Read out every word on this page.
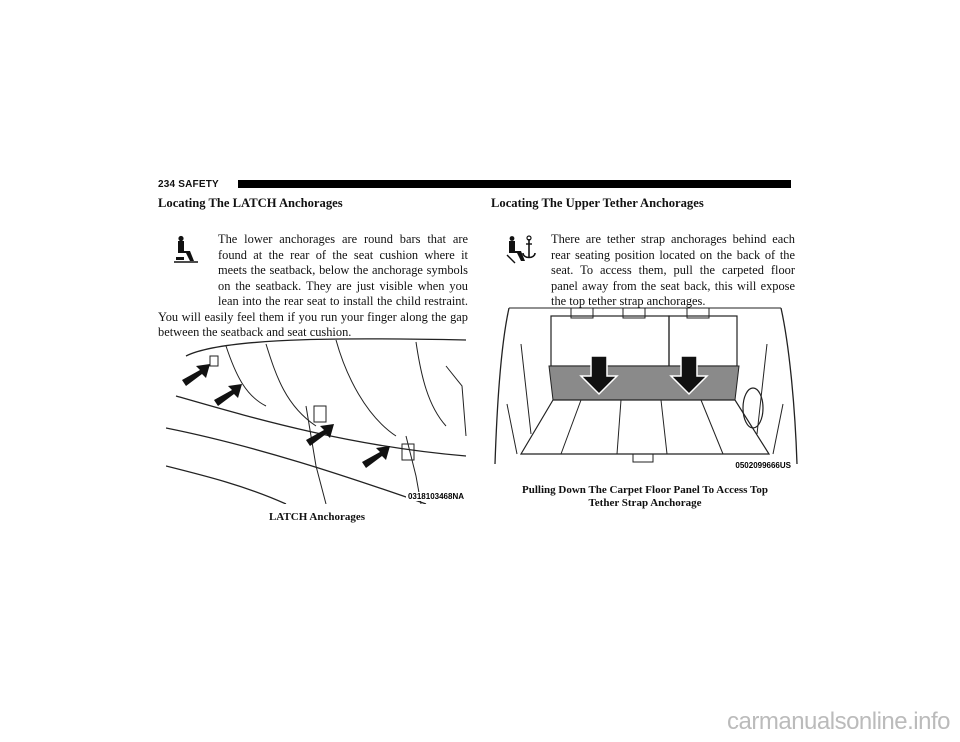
234 SAFETY
Locating The LATCH Anchorages

The lower anchorages are round bars that are found at the rear of the seat cushion where it meets the seatback, below the anchorage symbols on the seatback. They are just visible when you lean into the rear seat to install the child restraint. You will easily feel them if you run your finger along the gap between the seatback and seat cushion.

0318103468NA
LATCH Anchorages
Locating The Upper Tether Anchorages

There are tether strap anchorages behind each rear seating position located on the back of the seat. To access them, pull the carpeted floor panel away from the seat back, this will expose the top tether strap anchorages.

0502099666US
Pulling Down The Carpet Floor Panel To Access Top
Tether Strap Anchorage
carmanualsonline.info
